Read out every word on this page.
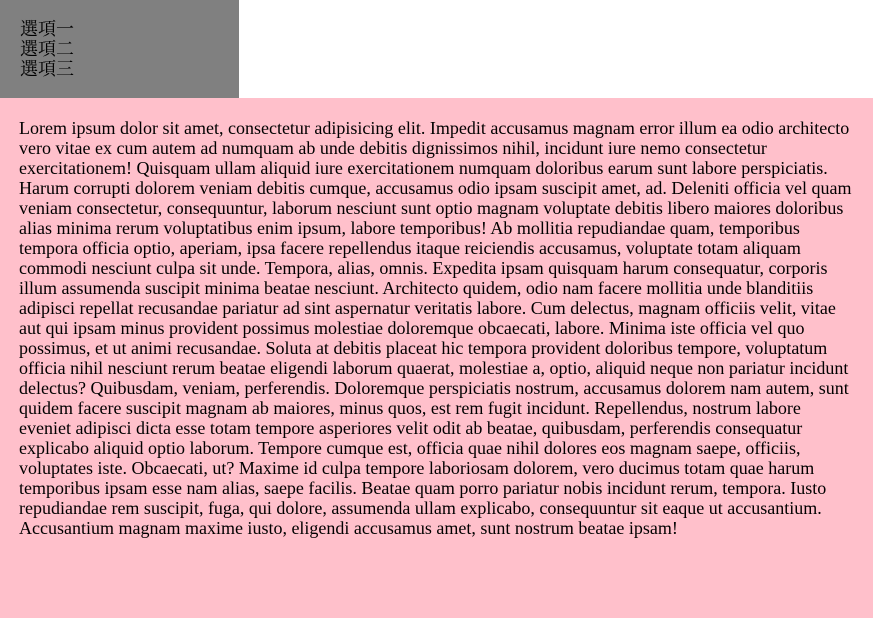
選項一
選項二
選項三

Lorem ipsum dolor sit amet, consectetur adipisicing elit. Impedit accusamus magnam error illum ea odio architecto vero vitae ex cum autem ad numquam ab unde debitis dignissimos nihil, incidunt iure nemo consectetur exercitationem! Quisquam ullam aliquid iure exercitationem numquam doloribus earum sunt labore perspiciatis. Harum corrupti dolorem veniam debitis cumque, accusamus odio ipsam suscipit amet, ad. Deleniti officia vel quam veniam consectetur, consequuntur, laborum nesciunt sunt optio magnam voluptate debitis libero maiores doloribus alias minima rerum voluptatibus enim ipsum, labore temporibus! Ab mollitia repudiandae quam, temporibus tempora officia optio, aperiam, ipsa facere repellendus itaque reiciendis accusamus, voluptate totam aliquam commodi nesciunt culpa sit unde. Tempora, alias, omnis. Expedita ipsam quisquam harum consequatur, corporis illum assumenda suscipit minima beatae nesciunt. Architecto quidem, odio nam facere mollitia unde blanditiis adipisci repellat recusandae pariatur ad sint aspernatur veritatis labore. Cum delectus, magnam officiis velit, vitae aut qui ipsam minus provident possimus molestiae doloremque obcaecati, labore. Minima iste officia vel quo possimus, et ut animi recusandae. Soluta at debitis placeat hic tempora provident doloribus tempore, voluptatum officia nihil nesciunt rerum beatae eligendi laborum quaerat, molestiae a, optio, aliquid neque non pariatur incidunt delectus? Quibusdam, veniam, perferendis. Doloremque perspiciatis nostrum, accusamus dolorem nam autem, sunt quidem facere suscipit magnam ab maiores, minus quos, est rem fugit incidunt. Repellendus, nostrum labore eveniet adipisci dicta esse totam tempore asperiores velit odit ab beatae, quibusdam, perferendis consequatur explicabo aliquid optio laborum. Tempore cumque est, officia quae nihil dolores eos magnam saepe, officiis, voluptates iste. Obcaecati, ut? Maxime id culpa tempore laboriosam dolorem, vero ducimus totam quae harum temporibus ipsam esse nam alias, saepe facilis. Beatae quam porro pariatur nobis incidunt rerum, tempora. Iusto repudiandae rem suscipit, fuga, qui dolore, assumenda ullam explicabo, consequuntur sit eaque ut accusantium. Accusantium magnam maxime iusto, eligendi accusamus amet, sunt nostrum beatae ipsam!
